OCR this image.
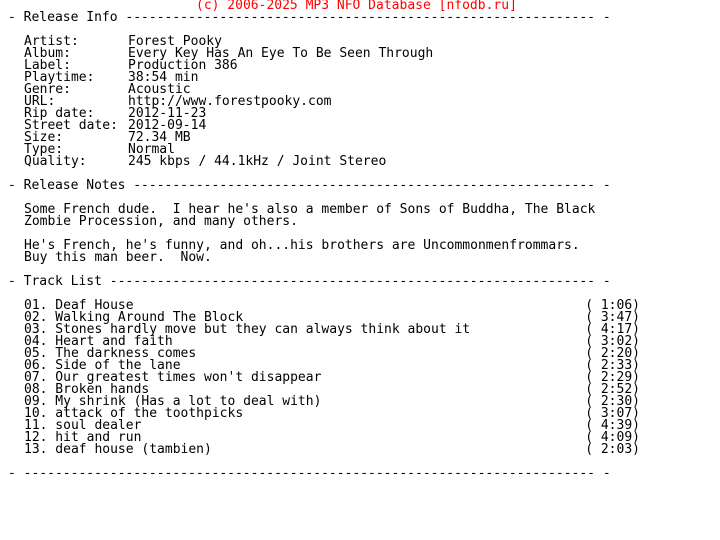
(c) 2006-2025 MP3 NFO Database [nfodb.ru]
- Release Info ------------------------------------------------------------ -
Artist:	Forest Pooky
Album:	Every Key Has An Eye To Be Seen Through
Label:	Production 386
Playtime:	38:54 min
Genre:	Acoustic
URL:	http://www.forestpooky.com
Rip date:	2012-11-23
Street date: 2012-09-14
Size:	72.34 MB
Type:	Normal
Quality:	245 kbps / 44.1kHz / Joint Stereo
- Release Notes ----------------------------------------------------------- -
Some French dude.  I hear he's also a member of Sons of Buddha, The Black
Zombie Procession, and many others.
He's French, he's funny, and oh...his brothers are Uncommonmenfrommars.
Buy this man beer.  Now.
- Track List -------------------------------------------------------------- -
01. Deaf House	( 1:06)
02. Walking Around The Block	( 3:47)
03. Stones hardly move but they can always think about it	( 4:17)
04. Heart and faith	( 3:02)
05. The darkness comes	( 2:20)
06. Side of the lane	( 2:33)
07. Our greatest times won't disappear	( 2:29)
08. Broken hands	( 2:52)
09. My shrink (Has a lot to deal with)	( 2:30)
10. attack of the toothpicks	( 3:07)
11. soul dealer	( 4:39)
12. hit and run	( 4:09)
13. deaf house (tambien)	( 2:03)
- ------------------------------------------------------------------------- -
